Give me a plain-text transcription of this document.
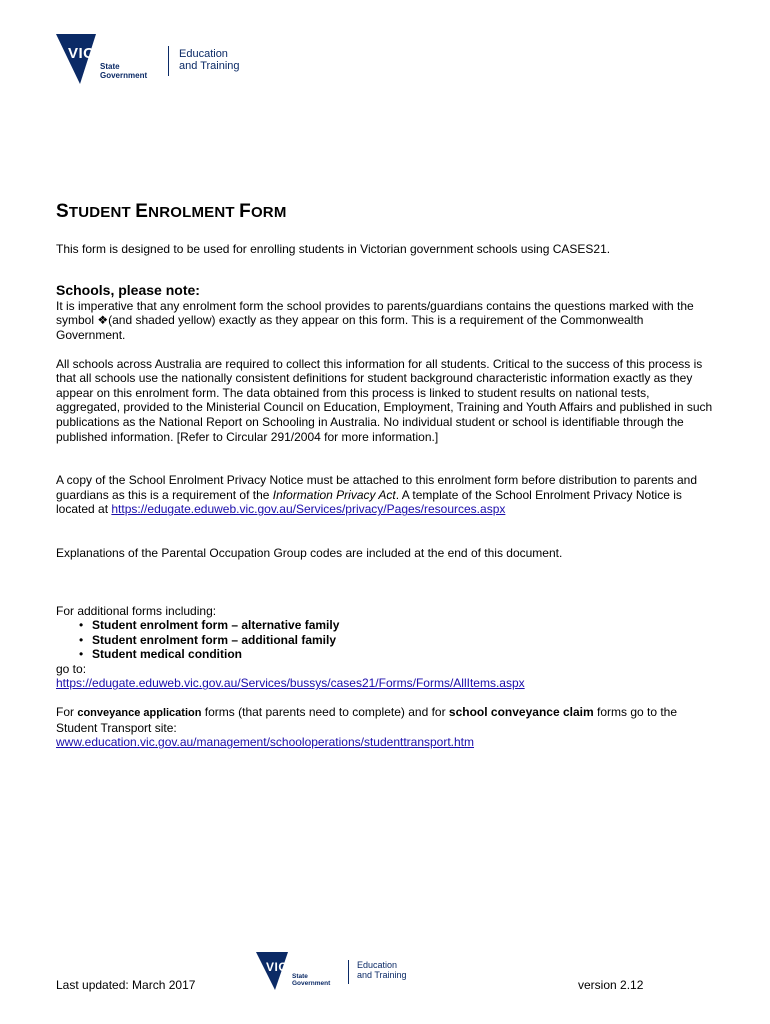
VICTORIA
State
Government
Education
and Training
STUDENT ENROLMENT FORM

This form is designed to be used for enrolling students in Victorian government schools using CASES21.

Schools, please note:

It is imperative that any enrolment form the school provides to parents/guardians contains the questions marked with the symbol ❖(and shaded yellow) exactly as they appear on this form. This is a requirement of the Commonwealth Government.

All schools across Australia are required to collect this information for all students. Critical to the success of this process is that all schools use the nationally consistent definitions for student background characteristic information exactly as they appear on this enrolment form. The data obtained from this process is linked to student results on national tests, aggregated, provided to the Ministerial Council on Education, Employment, Training and Youth Affairs and published in such publications as the National Report on Schooling in Australia. No individual student or school is identifiable through the published information. [Refer to Circular 291/2004 for more information.]

A copy of the School Enrolment Privacy Notice must be attached to this enrolment form before distribution to parents and guardians as this is a requirement of the Information Privacy Act. A template of the School Enrolment Privacy Notice is located at https://edugate.eduweb.vic.gov.au/Services/privacy/Pages/resources.aspx

Explanations of the Parental Occupation Group codes are included at the end of this document.

For additional forms including:

• Student enrolment form – alternative family
• Student enrolment form – additional family
• Student medical condition

go to:

https://edugate.eduweb.vic.gov.au/Services/bussys/cases21/Forms/Forms/AllItems.aspx

For conveyance application forms (that parents need to complete) and for school conveyance claim forms go to the Student Transport site:

www.education.vic.gov.au/management/schooloperations/studenttransport.htm

Last updated: March 2017
VICTORIA
State
Government
Education
and Training
version 2.12
